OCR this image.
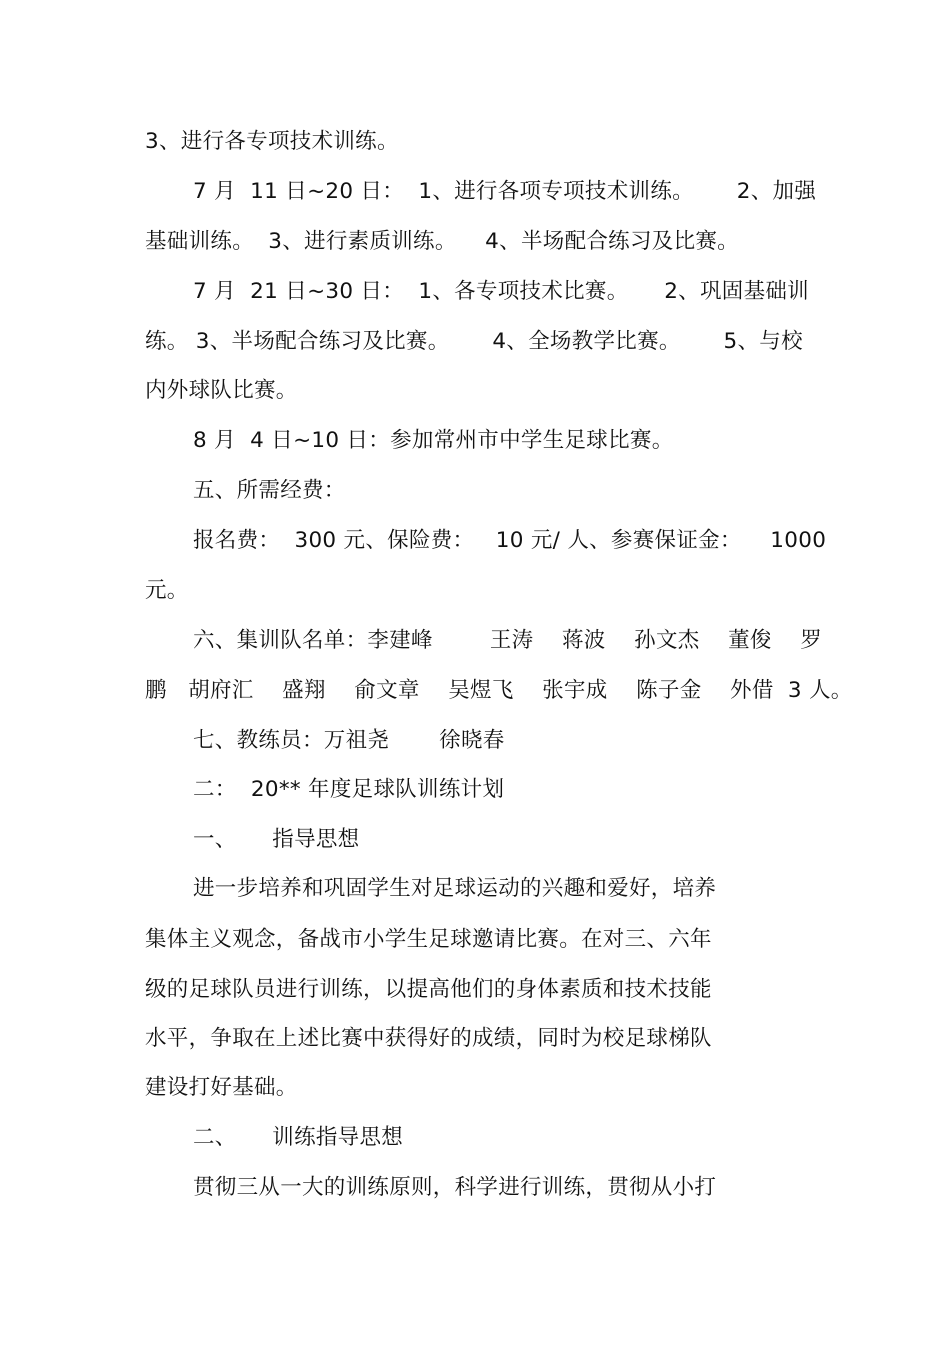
3、进行各专项技术训练。
7 月  11 日~20 日：  1、进行各项专项技术训练。      2、加强
基础训练。  3、进行素质训练。    4、半场配合练习及比赛。
7 月  21 日~30 日：  1、各专项技术比赛。     2、巩固基础训
练。 3、半场配合练习及比赛。      4、全场教学比赛。      5、与校
内外球队比赛。
8 月  4 日~10 日：参加常州市中学生足球比赛。
五、所需经费：
报名费：  300 元、保险费：   10 元/ 人、参赛保证金：    1000
元。
六、集训队名单：李建峰        王涛    蒋波    孙文杰    董俊    罗
鹏   胡府汇    盛翔    俞文章    吴煜飞    张宇成    陈子金    外借  3 人。
七、教练员：万祖尧       徐晓春
二：  20** 年度足球队训练计划
一、     指导思想
进一步培养和巩固学生对足球运动的兴趣和爱好，培养
集体主义观念，备战市小学生足球邀请比赛。在对三、六年
级的足球队员进行训练，以提高他们的身体素质和技术技能
水平，争取在上述比赛中获得好的成绩，同时为校足球梯队
建设打好基础。
二、     训练指导思想
贯彻三从一大的训练原则，科学进行训练，贯彻从小打
